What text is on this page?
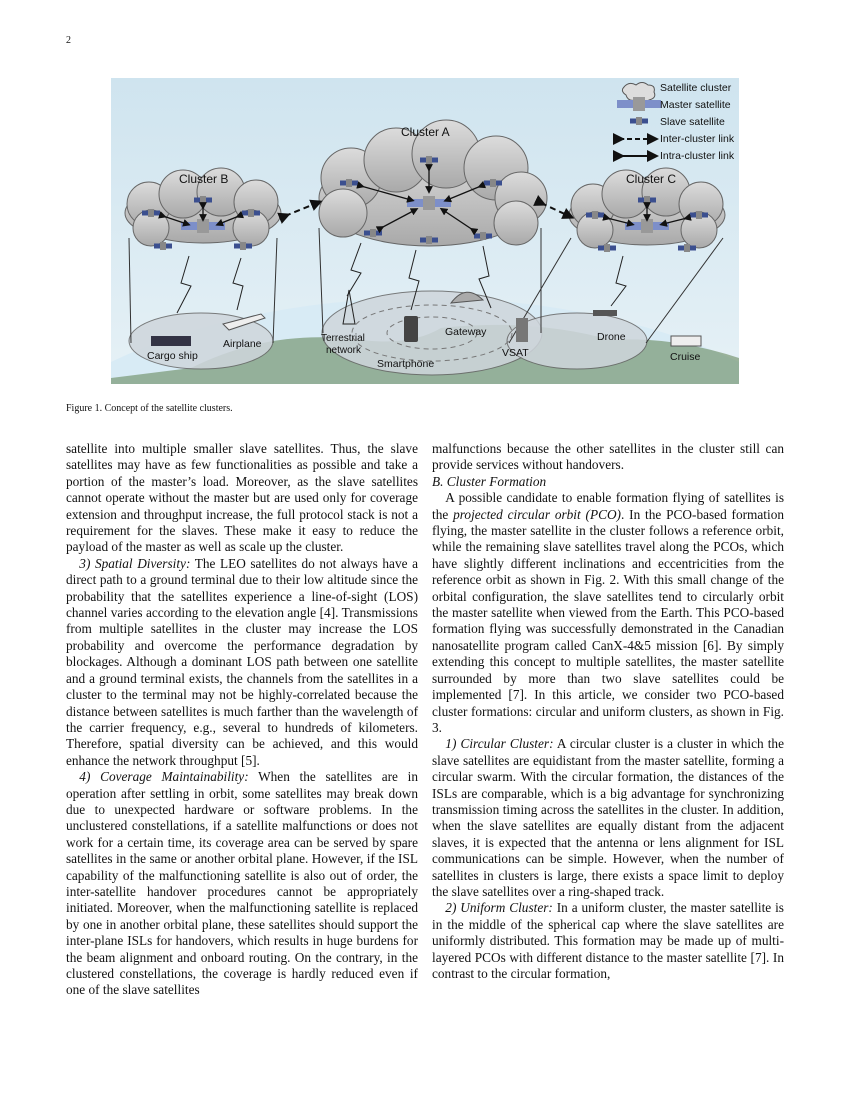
2
Satellite cluster
Master satellite
Slave satellite
Inter-cluster link
Intra-cluster link
Cluster A
Cluster B	Cluster C
Cargo ship
Airplane	Terrestrial
network
Gateway
Smartphone
VSAT
Drone
Cruise
Figure 1. Concept of the satellite clusters.

satellite into multiple smaller slave satellites. Thus, the slave satellites may have as few functionalities as possible and take a portion of the master’s load. Moreover, as the slave satellites cannot operate without the master but are used only for coverage extension and throughput increase, the full protocol stack is not a requirement for the slaves. These make it easy to reduce the payload of the master as well as scale up the cluster.

3) Spatial Diversity: The LEO satellites do not always have a direct path to a ground terminal due to their low altitude since the probability that the satellites experience a line-of-sight (LOS) channel varies according to the elevation angle [4]. Transmissions from multiple satellites in the cluster may increase the LOS probability and overcome the performance degradation by blockages. Although a dominant LOS path between one satellite and a ground terminal exists, the channels from the satellites in a cluster to the terminal may not be highly-correlated because the distance between satellites is much farther than the wavelength of the carrier frequency, e.g., several to hundreds of kilometers. Therefore, spatial diversity can be achieved, and this would enhance the network throughput [5].

4) Coverage Maintainability: When the satellites are in operation after settling in orbit, some satellites may break down due to unexpected hardware or software problems. In the unclustered constellations, if a satellite malfunctions or does not work for a certain time, its coverage area can be served by spare satellites in the same or another orbital plane. However, if the ISL capability of the malfunctioning satellite is also out of order, the inter-satellite handover procedures cannot be appropriately initiated. Moreover, when the malfunctioning satellite is replaced by one in another orbital plane, these satellites should support the inter-plane ISLs for handovers, which results in huge burdens for the beam alignment and onboard routing. On the contrary, in the clustered constellations, the coverage is hardly reduced even if one of the slave satellites

malfunctions because the other satellites in the cluster still can provide services without handovers.

B. Cluster Formation

A possible candidate to enable formation flying of satellites is the projected circular orbit (PCO). In the PCO-based formation flying, the master satellite in the cluster follows a reference orbit, while the remaining slave satellites travel along the PCOs, which have slightly different inclinations and eccentricities from the reference orbit as shown in Fig. 2. With this small change of the orbital configuration, the slave satellites tend to circularly orbit the master satellite when viewed from the Earth. This PCO-based formation flying was successfully demonstrated in the Canadian nanosatellite program called CanX-4&5 mission [6]. By simply extending this concept to multiple satellites, the master satellite surrounded by more than two slave satellites could be implemented [7]. In this article, we consider two PCO-based cluster formations: circular and uniform clusters, as shown in Fig. 3.

1) Circular Cluster: A circular cluster is a cluster in which the slave satellites are equidistant from the master satellite, forming a circular swarm. With the circular formation, the distances of the ISLs are comparable, which is a big advantage for synchronizing transmission timing across the satellites in the cluster. In addition, when the slave satellites are equally distant from the adjacent slaves, it is expected that the antenna or lens alignment for ISL communications can be simple. However, when the number of satellites in clusters is large, there exists a space limit to deploy the slave satellites over a ring-shaped track.

2) Uniform Cluster: In a uniform cluster, the master satellite is in the middle of the spherical cap where the slave satellites are uniformly distributed. This formation may be made up of multi-layered PCOs with different distance to the master satellite [7]. In contrast to the circular formation,
